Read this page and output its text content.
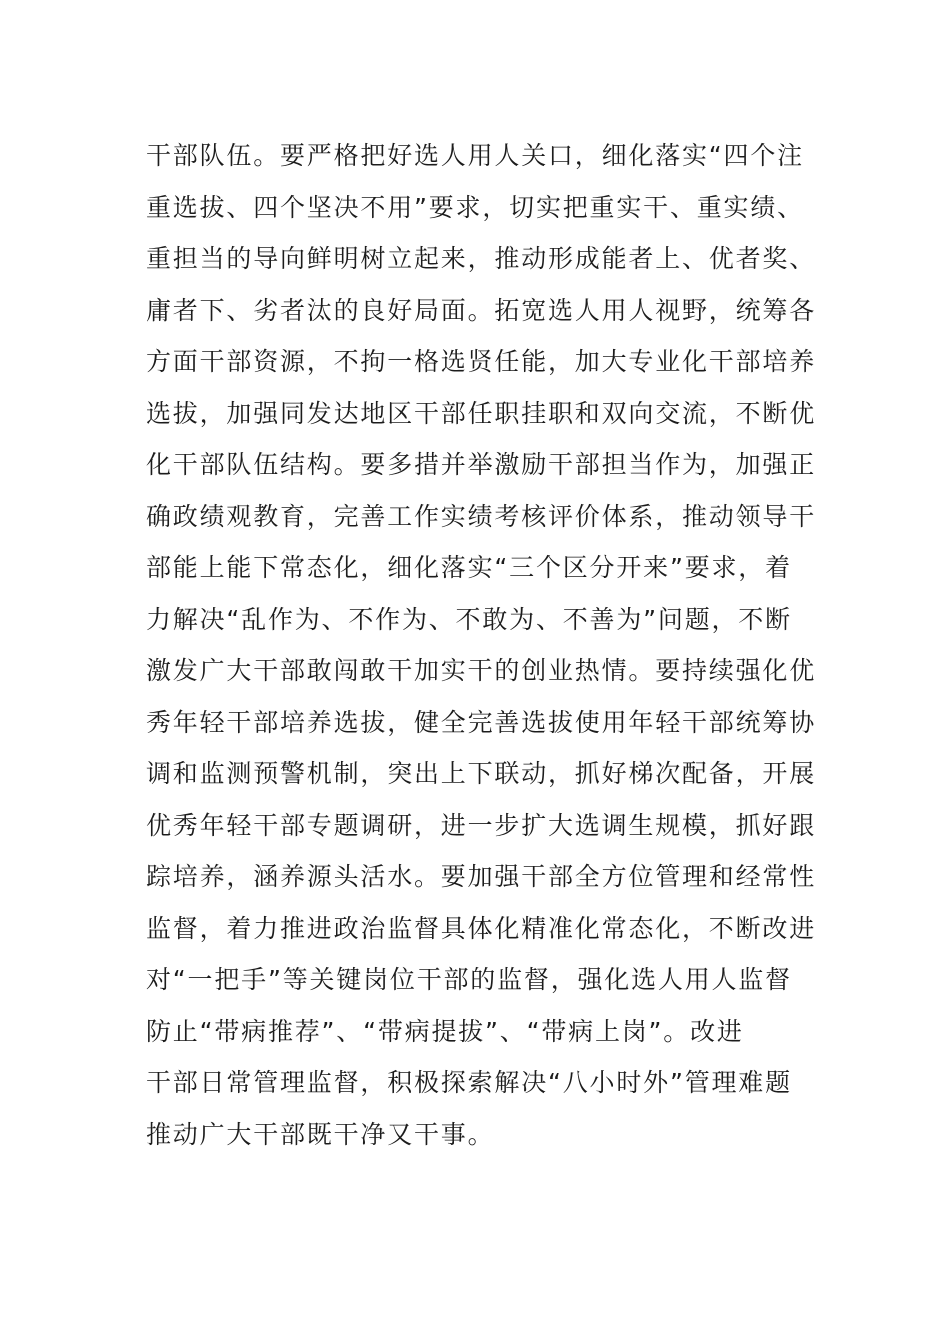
干部队伍。要严格把好选人用人关口，细化落实“四个注
重选拔、四个坚决不用”要求，切实把重实干、重实绩、
重担当的导向鲜明树立起来，推动形成能者上、优者奖、
庸者下、劣者汰的良好局面。拓宽选人用人视野，统筹各
方面干部资源，不拘一格选贤任能，加大专业化干部培养
选拔，加强同发达地区干部任职挂职和双向交流，不断优
化干部队伍结构。要多措并举激励干部担当作为，加强正
确政绩观教育，完善工作实绩考核评价体系，推动领导干
部能上能下常态化，细化落实“三个区分开来”要求，着
力解决“乱作为、不作为、不敢为、不善为”问题，不断
激发广大干部敢闯敢干加实干的创业热情。要持续强化优
秀年轻干部培养选拔，健全完善选拔使用年轻干部统筹协
调和监测预警机制，突出上下联动，抓好梯次配备，开展
优秀年轻干部专题调研，进一步扩大选调生规模，抓好跟
踪培养，涵养源头活水。要加强干部全方位管理和经常性
监督，着力推进政治监督具体化精准化常态化，不断改进
对“一把手”等关键岗位干部的监督，强化选人用人监督
防止“带病推荐”、“带病提拔”、“带病上岗”。改进
干部日常管理监督，积极探索解决“八小时外”管理难题
推动广大干部既干净又干事。
